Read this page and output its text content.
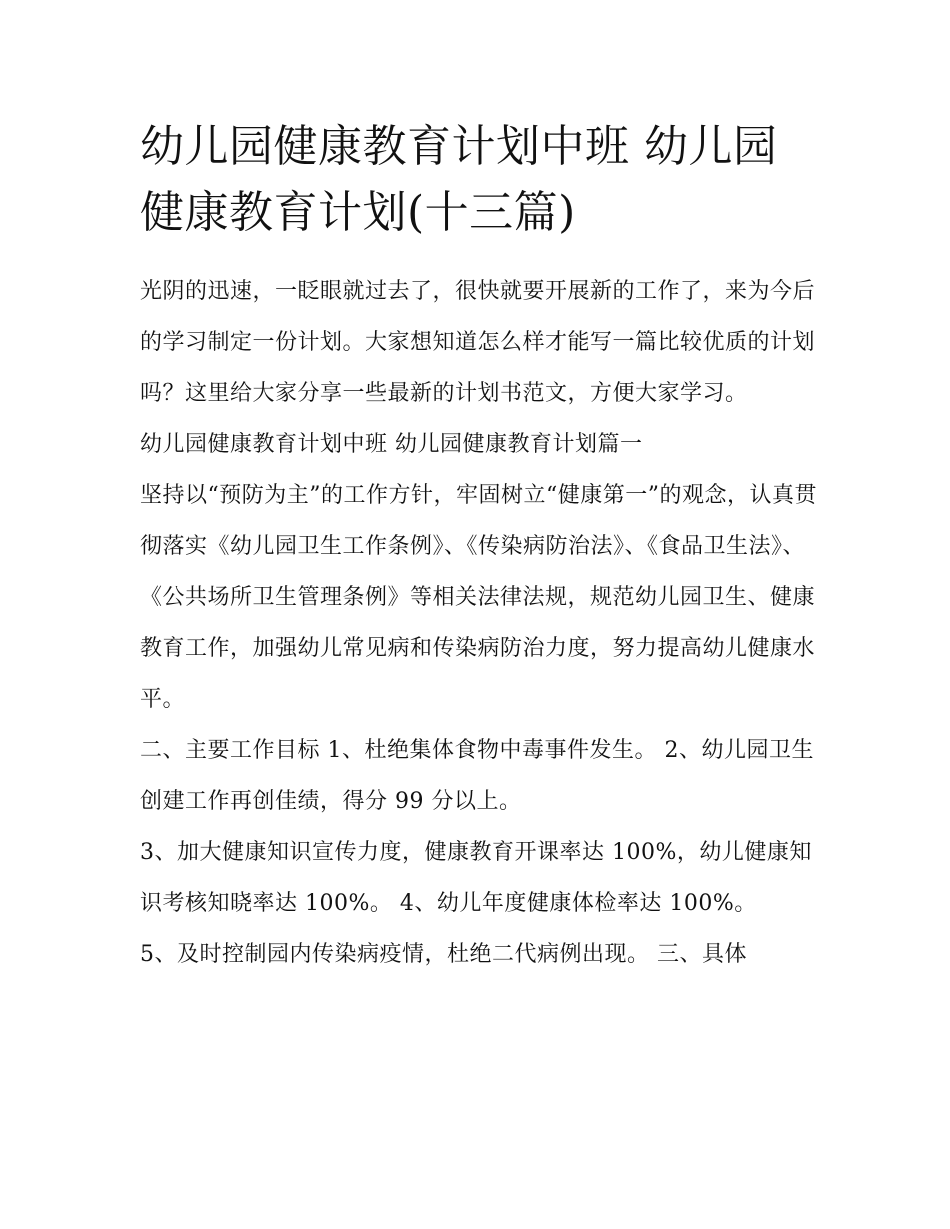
幼儿园健康教育计划中班 幼儿园健康教育计划(十三篇)

光阴的迅速，一眨眼就过去了，很快就要开展新的工作了，来为今后的学习制定一份计划。大家想知道怎么样才能写一篇比较优质的计划吗？这里给大家分享一些最新的计划书范文，方便大家学习。

幼儿园健康教育计划中班 幼儿园健康教育计划篇一

坚持以“预防为主”的工作方针，牢固树立“健康第一”的观念，认真贯彻落实《幼儿园卫生工作条例》、《传染病防治法》、《食品卫生法》、《公共场所卫生管理条例》等相关法律法规，规范幼儿园卫生、健康教育工作，加强幼儿常见病和传染病防治力度，努力提高幼儿健康水平。

二、主要工作目标 1、杜绝集体食物中毒事件发生。 2、幼儿园卫生创建工作再创佳绩，得分 99 分以上。

3、加大健康知识宣传力度，健康教育开课率达 100%，幼儿健康知识考核知晓率达 100%。 4、幼儿年度健康体检率达 100%。

5、及时控制园内传染病疫情，杜绝二代病例出现。 三、具体
